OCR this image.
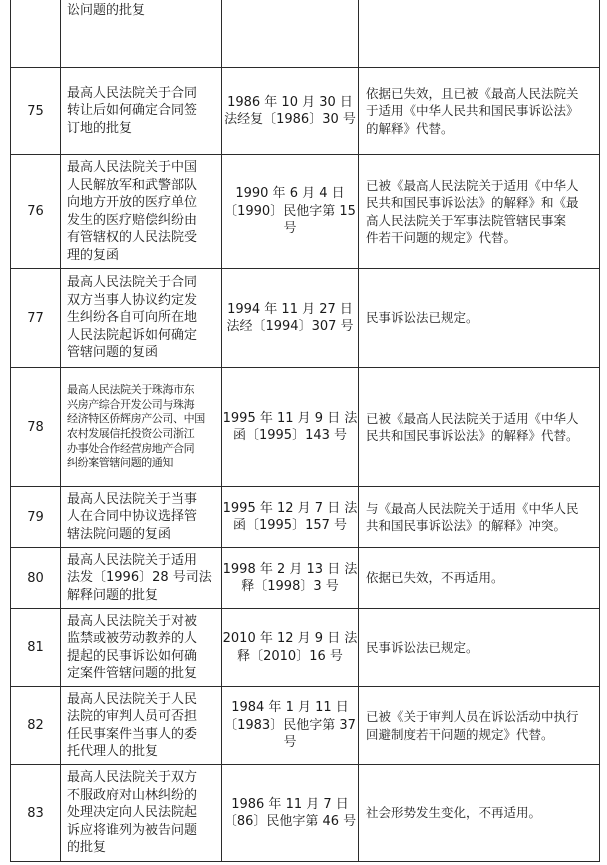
讼问题的批复
75
最高人民法院关于合同
转让后如何确定合同签
订地的批复
1986 年 10 月 30 日
法经复〔1986〕30 号
依据已失效，且已被《最高人民法院关
于适用《中华人民共和国民事诉讼法》
的解释》代替。
76
最高人民法院关于中国
人民解放军和武警部队
向地方开放的医疗单位
发生的医疗赔偿纠纷由
有管辖权的人民法院受
理的复函
1990 年 6 月 4 日
〔1990〕民他字第 15 号
已被《最高人民法院关于适用《中华人
民共和国民事诉讼法》的解释》和《最
高人民法院关于军事法院管辖民事案
件若干问题的规定》代替。
77
最高人民法院关于合同
双方当事人协议约定发
生纠纷各自可向所在地
人民法院起诉如何确定
管辖问题的复函
1994 年 11 月 27 日
法经〔1994〕307 号
民事诉讼法已规定。
78
最高人民法院关于珠海市东
兴房产综合开发公司与珠海
经济特区侨辉房产公司、中国
农村发展信托投资公司浙江
办事处合作经营房地产合同
纠纷案管辖问题的通知
1995 年 11 月 9 日 法
函〔1995〕143 号
已被《最高人民法院关于适用《中华人
民共和国民事诉讼法》的解释》代替。
79
最高人民法院关于当事
人在合同中协议选择管
辖法院问题的复函
1995 年 12 月 7 日 法
函〔1995〕157 号
与《最高人民法院关于适用《中华人民
共和国民事诉讼法》的解释》冲突。
80
最高人民法院关于适用
法发〔1996〕28 号司法
解释问题的批复
1998 年 2 月 13 日 法
释〔1998〕3 号
依据已失效，不再适用。
81
最高人民法院关于对被
监禁或被劳动教养的人
提起的民事诉讼如何确
定案件管辖问题的批复
2010 年 12 月 9 日 法
释〔2010〕16 号
民事诉讼法已规定。
82
最高人民法院关于人民
法院的审判人员可否担
任民事案件当事人的委
托代理人的批复
1984 年 1 月 11 日
〔1983〕民他字第 37 号
已被《关于审判人员在诉讼活动中执行
回避制度若干问题的规定》代替。
83
最高人民法院关于双方
不服政府对山林纠纷的
处理决定向人民法院起
诉应将谁列为被告问题
的批复
1986 年 11 月 7 日
〔86〕民他字第 46 号
社会形势发生变化，不再适用。
